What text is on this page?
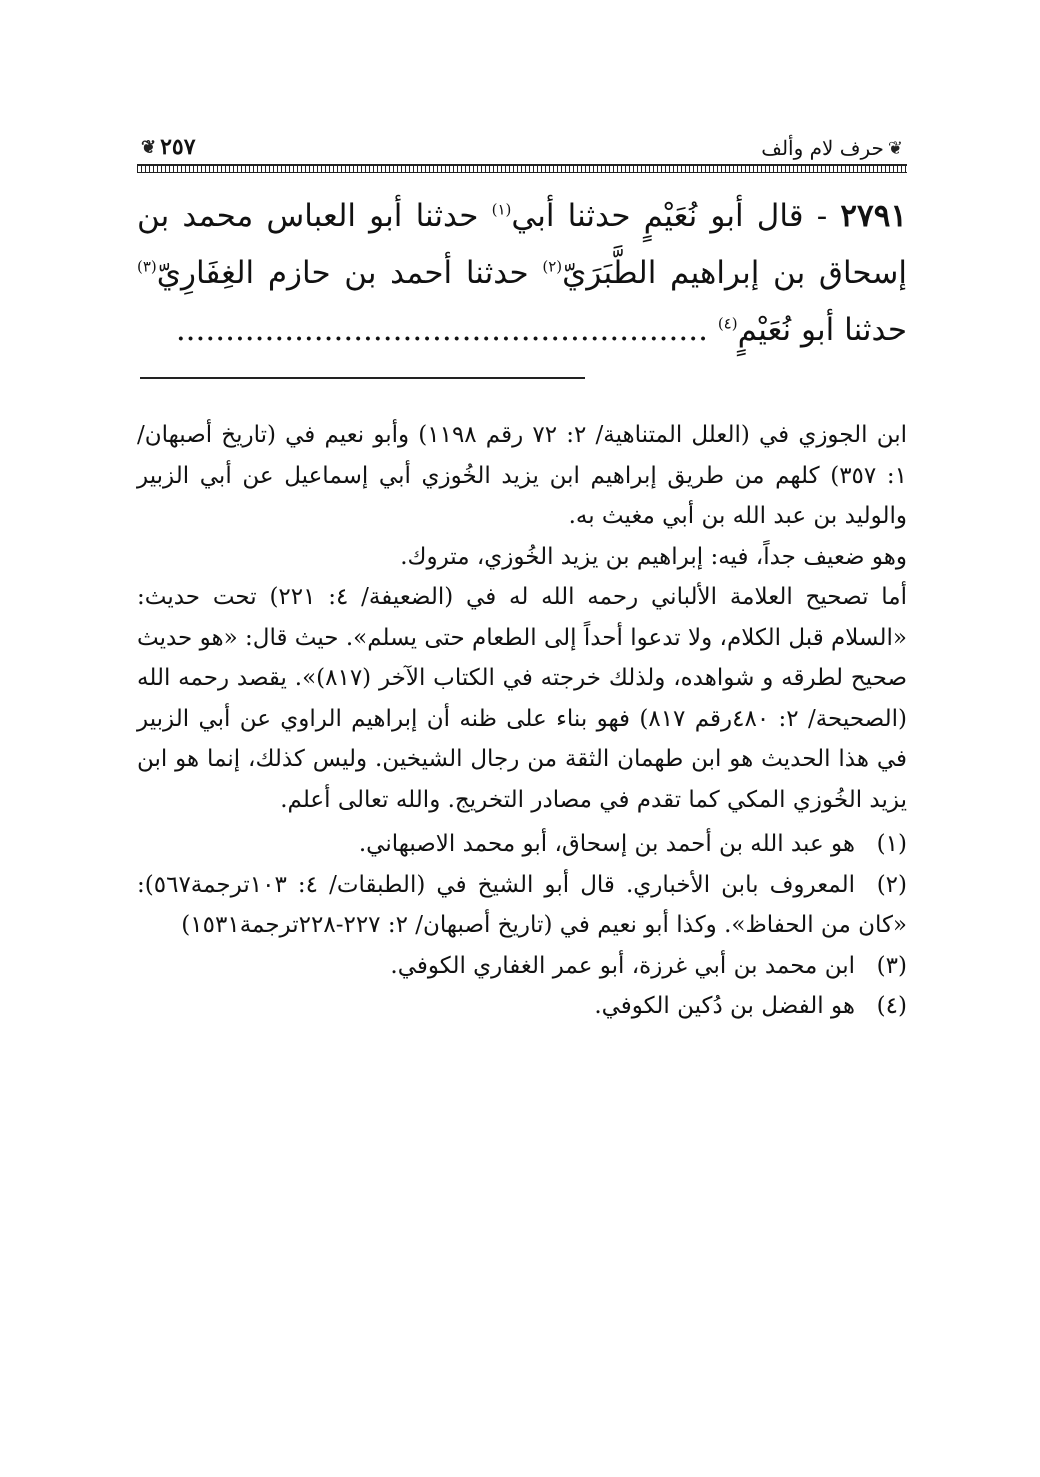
❦
حرف لام وألف
٢٥٧
❦
٢٧٩١ - قال أبو نُعَيْمٍ حدثنا أبي$^{(١)}$ حدثنا أبو العباس محمد بن إسحاق بن إبراهيم الطَّبَرَيّ$^{(٢)}$ حدثنا أحمد بن حازم الغِفَارِيّ$^{(٣)}$ حدثنا أبو نُعَيْمٍ$^{(٤)}$ ......................................................

ابن الجوزي في (العلل المتناهية/ ٢: ٧٢ رقم ١١٩٨) وأبو نعيم في (تاريخ أصبهان/ ١: ٣٥٧) كلهم من طريق إبراهيم ابن يزيد الخُوزي أبي إسماعيل عن أبي الزبير والوليد بن عبد الله بن أبي مغيث به.

وهو ضعيف جداً، فيه: إبراهيم بن يزيد الخُوزي، متروك.

أما تصحيح العلامة الألباني رحمه الله له في (الضعيفة/ ٤: ٢٢١) تحت حديث: «السلام قبل الكلام، ولا تدعوا أحداً إلى الطعام حتى يسلم». حيث قال: «هو حديث صحيح لطرقه و شواهده، ولذلك خرجته في الكتاب الآخر (٨١٧)». يقصد رحمه الله (الصحيحة/ ٢: ٤٨٠رقم ٨١٧) فهو بناء على ظنه أن إبراهيم الراوي عن أبي الزبير في هذا الحديث هو ابن طهمان الثقة من رجال الشيخين. وليس كذلك، إنما هو ابن يزيد الخُوزي المكي كما تقدم في مصادر التخريج. والله تعالى أعلم.

(١)
هو عبد الله بن أحمد بن إسحاق، أبو محمد الاصبهاني.
(٢)المعروف بابن الأخباري. قال أبو الشيخ في (الطبقات/ ٤: ١٠٣ترجمة٥٦٧): «كان من الحفاظ». وكذا أبو نعيم في (تاريخ أصبهان/ ٢: ٢٢٧-٢٢٨ترجمة١٥٣١)
(٣)
ابن محمد بن أبي غرزة، أبو عمر الغفاري الكوفي.
(٤)
هو الفضل بن دُكين الكوفي.
